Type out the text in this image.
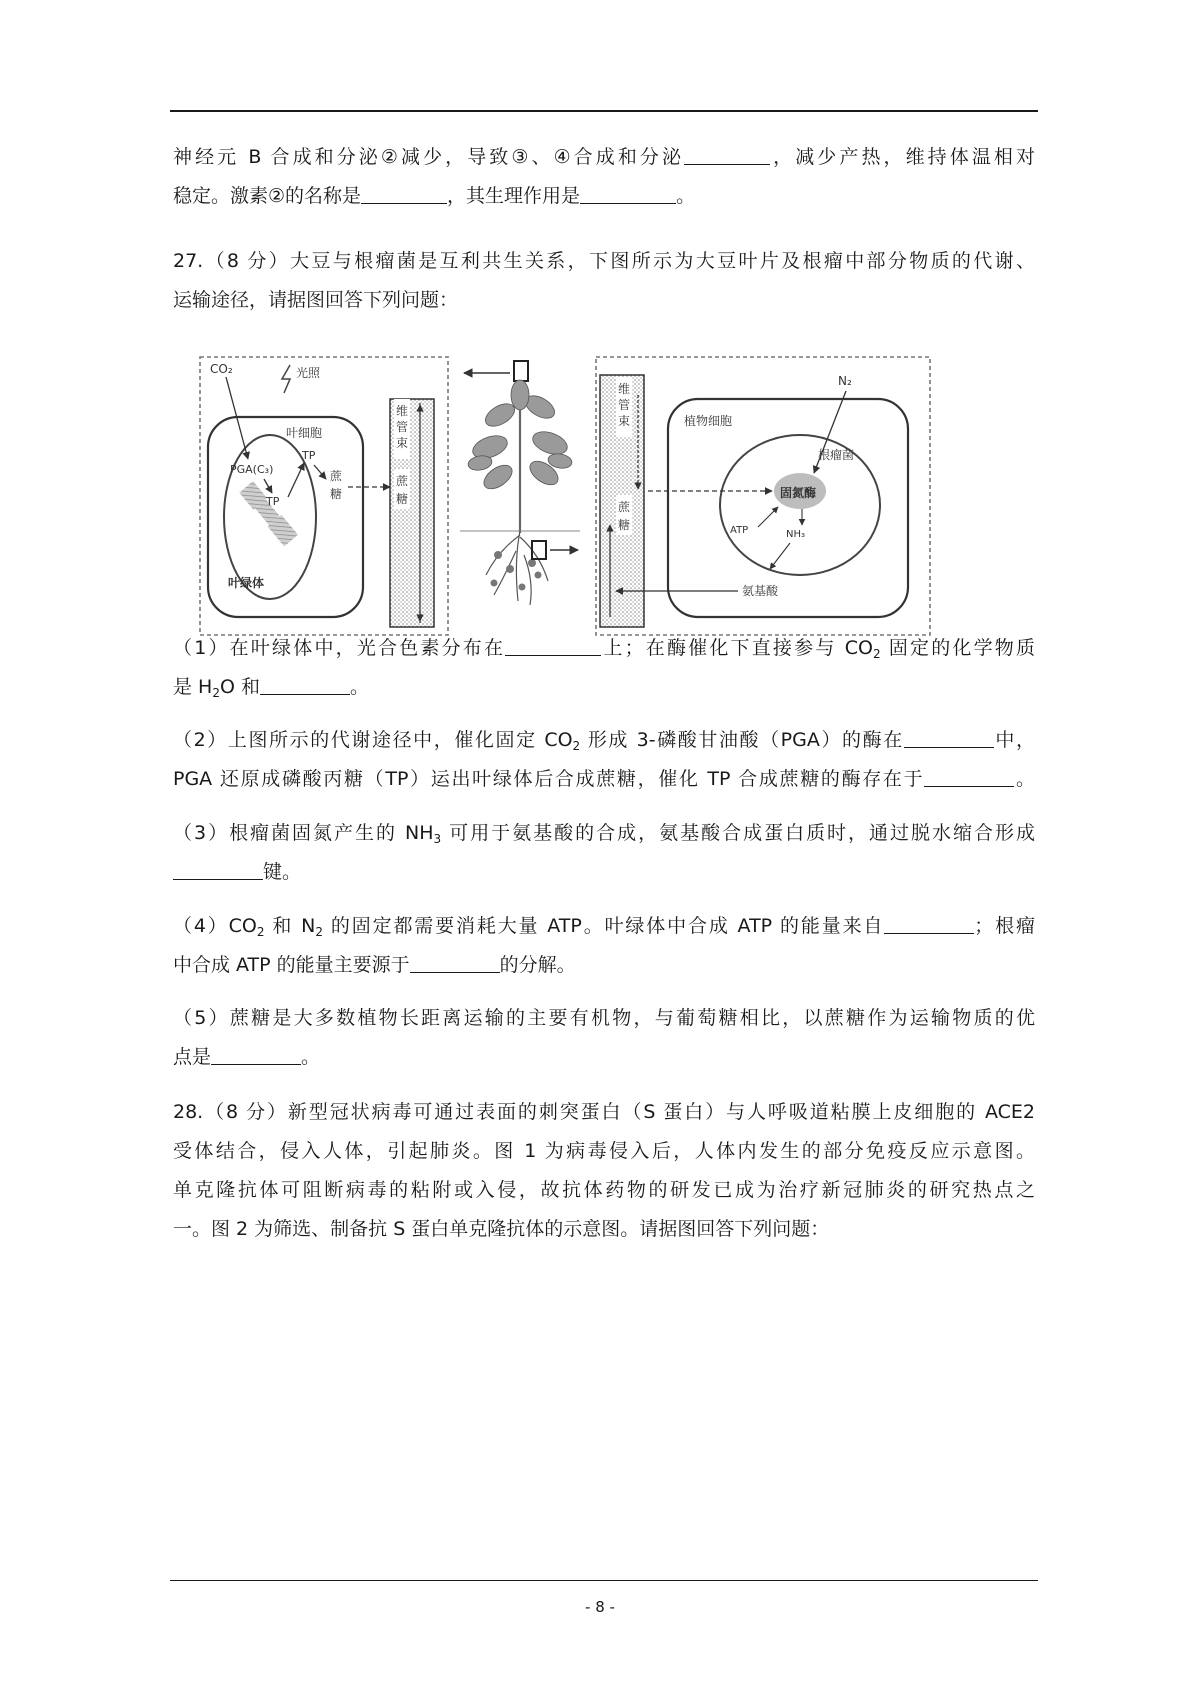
神经元 B 合成和分泌②减少，导致③、④合成和分泌	，减少产热，维持体温相对
稳定。激素②的名称是	，其生理作用是	。
27.（8 分）大豆与根瘤菌是互利共生关系，下图所示为大豆叶片及根瘤中部分物质的代谢、
运输途径，请据图回答下列问题：
CO₂	光照
叶细胞
PGA(C₃)
TP
TP
蔗
糖
叶绿体
维
管
束
蔗
糖
维
管
束
蔗
糖
植物细胞
根瘤菌
固氮酶
N₂
ATP	NH₃
氨基酸
（1）在叶绿体中，光合色素分布在	上；在酶催化下直接参与 $CO_2$ 固定的化学物质
是 $H_2O$ 和	。
（2）上图所示的代谢途径中，催化固定 $CO_2$ 形成 3-磷酸甘油酸（PGA）的酶在	中，
PGA 还原成磷酸丙糖（TP）运出叶绿体后合成蔗糖，催化 TP 合成蔗糖的酶存在于	。
（3）根瘤菌固氮产生的 $NH_3$ 可用于氨基酸的合成，氨基酸合成蛋白质时，通过脱水缩合形成
键。
$(4)CO_2$ 和 $N_2$ 的固定都需要消耗大量 ATP。叶绿体中合成 ATP 的能量来自	；根瘤
中合成 ATP 的能量主要源于	的分解。
（5）蔗糖是大多数植物长距离运输的主要有机物，与葡萄糖相比，以蔗糖作为运输物质的优
点是	。
28.（8 分）新型冠状病毒可通过表面的刺突蛋白（S 蛋白）与人呼吸道粘膜上皮细胞的 ACE2
受体结合，侵入人体，引起肺炎。图 1 为病毒侵入后，人体内发生的部分免疫反应示意图。
单克隆抗体可阻断病毒的粘附或入侵，故抗体药物的研发已成为治疗新冠肺炎的研究热点之
一。图 2 为筛选、制备抗 S 蛋白单克隆抗体的示意图。请据图回答下列问题：
- 8 -
